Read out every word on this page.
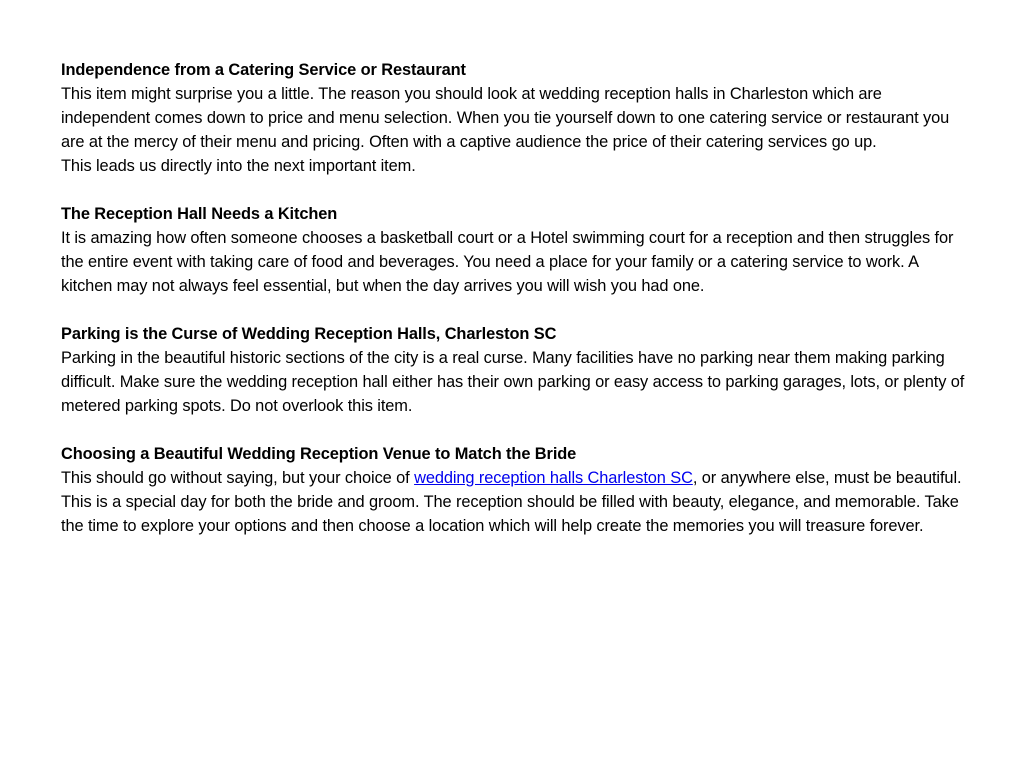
Independence from a Catering Service or Restaurant
This item might surprise you a little. The reason you should look at wedding reception halls in Charleston which are independent comes down to price and menu selection. When you tie yourself down to one catering service or restaurant you are at the mercy of their menu and pricing. Often with a captive audience the price of their catering services go up.
This leads us directly into the next important item.
The Reception Hall Needs a Kitchen
It is amazing how often someone chooses a basketball court or a Hotel swimming court for a reception and then struggles for the entire event with taking care of food and beverages. You need a place for your family or a catering service to work. A kitchen may not always feel essential, but when the day arrives you will wish you had one.
Parking is the Curse of Wedding Reception Halls, Charleston SC
Parking in the beautiful historic sections of the city is a real curse. Many facilities have no parking near them making parking difficult. Make sure the wedding reception hall either has their own parking or easy access to parking garages, lots, or plenty of metered parking spots. Do not overlook this item.
Choosing a Beautiful Wedding Reception Venue to Match the Bride
This should go without saying, but your choice of wedding reception halls Charleston SC, or anywhere else, must be beautiful. This is a special day for both the bride and groom. The reception should be filled with beauty, elegance, and memorable. Take the time to explore your options and then choose a location which will help create the memories you will treasure forever.
